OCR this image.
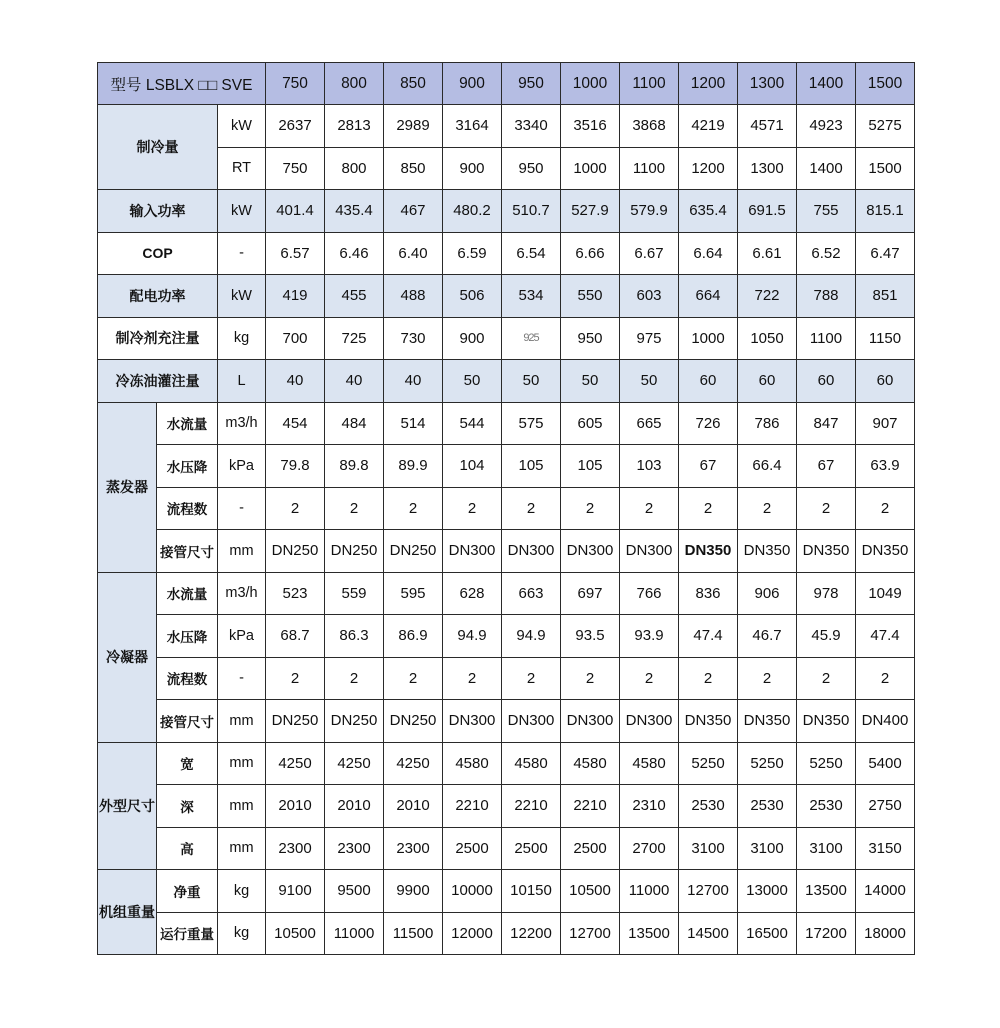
型号 LSBLX □□ SVE			750	800	850	900	950	1000	1100	1200	1300	1400	1500
制冷量		kW	2637	2813	2989	3164	3340	3516	3868	4219	4571	4923	5275
		RT	750	800	850	900	950	1000	1100	1200	1300	1400	1500
输入功率		kW	401.4	435.4	467	480.2	510.7	527.9	579.9	635.4	691.5	755	815.1
COP		-	6.57	6.46	6.40	6.59	6.54	6.66	6.67	6.64	6.61	6.52	6.47
配电功率		kW	419	455	488	506	534	550	603	664	722	788	851
制冷剂充注量		kg	700	725	730	900	925	950	975	1000	1050	1100	1150
冷冻油灌注量		L	40	40	40	50	50	50	50	60	60	60	60
蒸发器	水流量	m3/h	454	484	514	544	575	605	665	726	786	847	907
	水压降	kPa	79.8	89.8	89.9	104	105	105	103	67	66.4	67	63.9
	流程数	-	2	2	2	2	2	2	2	2	2	2	2
	接管尺寸	mm	DN250	DN250	DN250	DN300	DN300	DN300	DN300	DN350	DN350	DN350	DN350
冷凝器	水流量	m3/h	523	559	595	628	663	697	766	836	906	978	1049
	水压降	kPa	68.7	86.3	86.9	94.9	94.9	93.5	93.9	47.4	46.7	45.9	47.4
	流程数	-	2	2	2	2	2	2	2	2	2	2	2
	接管尺寸	mm	DN250	DN250	DN250	DN300	DN300	DN300	DN300	DN350	DN350	DN350	DN400
外型尺寸	宽	mm	4250	4250	4250	4580	4580	4580	4580	5250	5250	5250	5400
	深	mm	2010	2010	2010	2210	2210	2210	2310	2530	2530	2530	2750
	高	mm	2300	2300	2300	2500	2500	2500	2700	3100	3100	3100	3150
机组重量	净重	kg	9100	9500	9900	10000	10150	10500	11000	12700	13000	13500	14000
	运行重量	kg	10500	11000	11500	12000	12200	12700	13500	14500	16500	17200	18000
